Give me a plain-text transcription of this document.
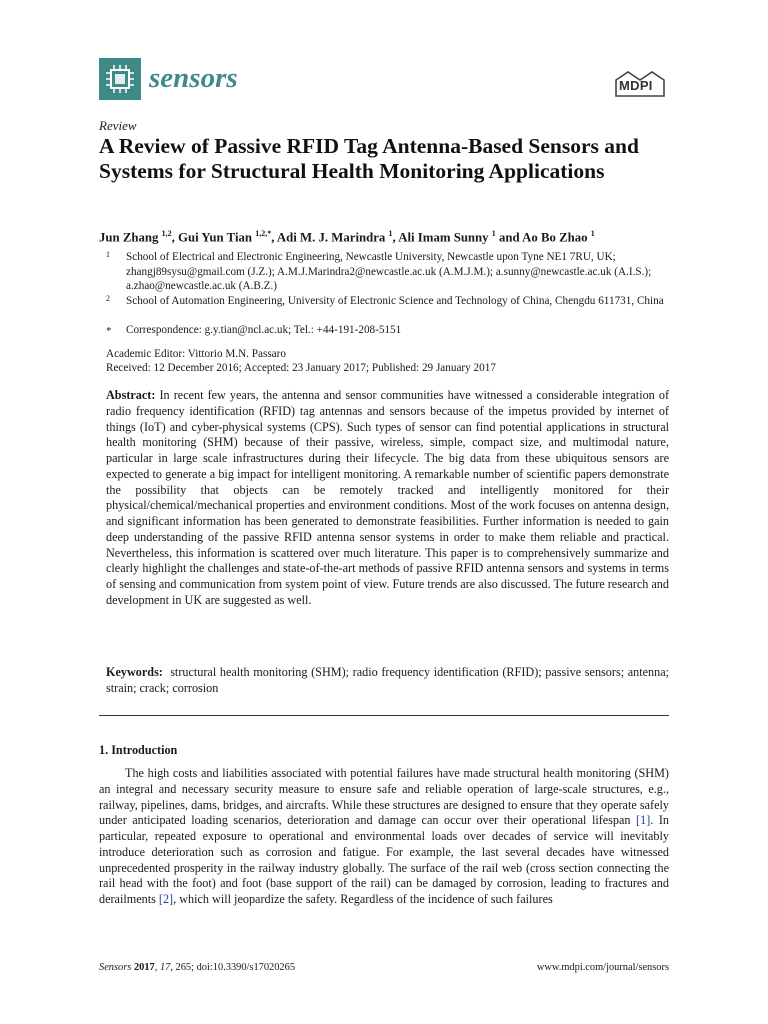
sensors	MDPI
Review
A Review of Passive RFID Tag Antenna-Based Sensors and Systems for Structural Health Monitoring Applications
Jun Zhang $^{1,2}$, Gui Yun Tian $^{1,2,*}$, Adi M. J. Marindra $^1$, Ali Imam Sunny $^1$ and Ao Bo Zhao $^1$
1 School of Electrical and Electronic Engineering, Newcastle University, Newcastle upon Tyne NE1 7RU, UK; zhangj89sysu@gmail.com (J.Z.); A.M.J.Marindra2@newcastle.ac.uk (A.M.J.M.); a.sunny@newcastle.ac.uk (A.I.S.); a.zhao@newcastle.ac.uk (A.B.Z.)
2 School of Automation Engineering, University of Electronic Science and Technology of China, Chengdu 611731, China
* Correspondence: g.y.tian@ncl.ac.uk; Tel.: +44-191-208-5151
Academic Editor: Vittorio M.N. Passaro
Received: 12 December 2016; Accepted: 23 January 2017; Published: 29 January 2017
Abstract: In recent few years, the antenna and sensor communities have witnessed a considerable integration of radio frequency identification (RFID) tag antennas and sensors because of the impetus provided by internet of things (IoT) and cyber-physical systems (CPS). Such types of sensor can find potential applications in structural health monitoring (SHM) because of their passive, wireless, simple, compact size, and multimodal nature, particular in large scale infrastructures during their lifecycle. The big data from these ubiquitous sensors are expected to generate a big impact for intelligent monitoring. A remarkable number of scientific papers demonstrate the possibility that objects can be remotely tracked and intelligently monitored for their physical/chemical/mechanical properties and environment conditions. Most of the work focuses on antenna design, and significant information has been generated to demonstrate feasibilities. Further information is needed to gain deep understanding of the passive RFID antenna sensor systems in order to make them reliable and practical. Nevertheless, this information is scattered over much literature. This paper is to comprehensively summarize and clearly highlight the challenges and state-of-the-art methods of passive RFID antenna sensors and systems in terms of sensing and communication from system point of view. Future trends are also discussed. The future research and development in UK are suggested as well.
Keywords: structural health monitoring (SHM); radio frequency identification (RFID); passive sensors; antenna; strain; crack; corrosion
1. Introduction
The high costs and liabilities associated with potential failures have made structural health monitoring (SHM) an integral and necessary security measure to ensure safe and reliable operation of large-scale structures, e.g., railway, pipelines, dams, bridges, and aircrafts. While these structures are designed to ensure that they operate safely under anticipated loading scenarios, deterioration and damage can occur over their operational lifespan [1]. In particular, repeated exposure to operational and environmental loads over decades of service will inevitably introduce deterioration such as corrosion and fatigue. For example, the last several decades have witnessed unprecedented prosperity in the railway industry globally. The surface of the rail web (cross section connecting the rail head with the foot) and foot (base support of the rail) can be damaged by corrosion, leading to fractures and derailments [2], which will jeopardize the safety. Regardless of the incidence of such failures
Sensors 2017, 17, 265; doi:10.3390/s17020265	www.mdpi.com/journal/sensors
